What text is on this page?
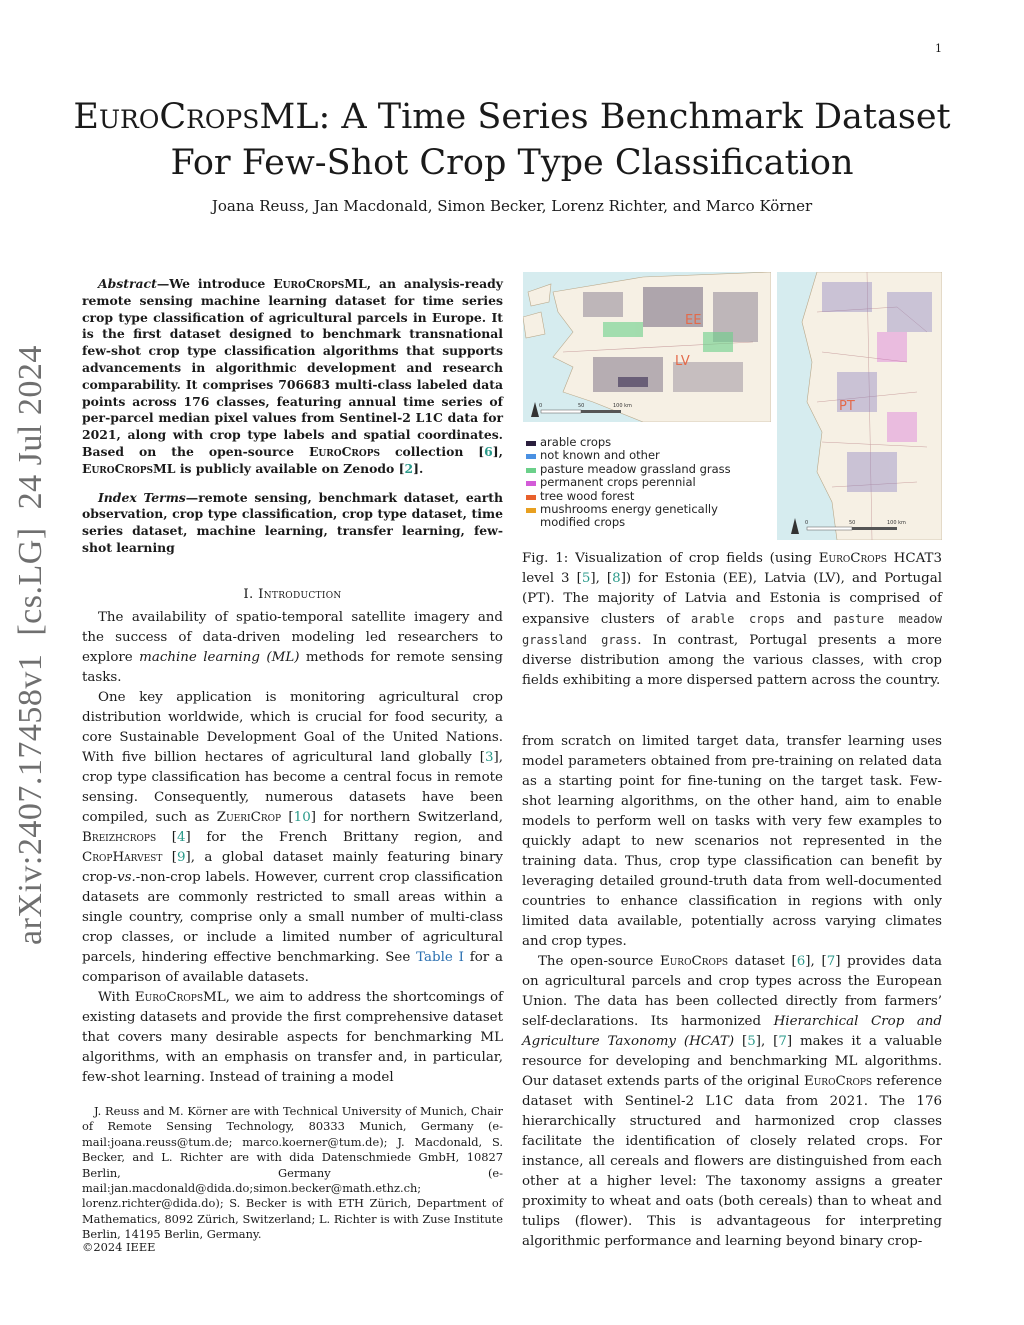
1
EuroCropsML: A Time Series Benchmark Dataset
For Few-Shot Crop Type Classification
Joana Reuss, Jan Macdonald, Simon Becker, Lorenz Richter, and Marco Körner
arXiv:2407.17458v1  [cs.LG]  24 Jul 2024

Abstract—We introduce EuroCropsML, an analysis-ready remote sensing machine learning dataset for time series crop type classification of agricultural parcels in Europe. It is the first dataset designed to benchmark transnational few-shot crop type classification algorithms that supports advancements in algorithmic development and research comparability. It comprises 706683 multi-class labeled data points across 176 classes, featuring annual time series of per-parcel median pixel values from Sentinel-2 L1C data for 2021, along with crop type labels and spatial coordinates. Based on the open-source EuroCrops collection [6], EuroCropsML is publicly available on Zenodo [2].

Index Terms—remote sensing, benchmark dataset, earth observation, crop type classification, crop type dataset, time series dataset, machine learning, transfer learning, few-shot learning

I. Introduction

The availability of spatio-temporal satellite imagery and the success of data-driven modeling led researchers to explore machine learning (ML) methods for remote sensing tasks.

One key application is monitoring agricultural crop distribution worldwide, which is crucial for food security, a core Sustainable Development Goal of the United Nations. With five billion hectares of agricultural land globally [3], crop type classification has become a central focus in remote sensing. Consequently, numerous datasets have been compiled, such as ZueriCrop [10] for northern Switzerland, Breizhcrops [4] for the French Brittany region, and CropHarvest [9], a global dataset mainly featuring binary crop-vs.-non-crop labels. However, current crop classification datasets are commonly restricted to small areas within a single country, comprise only a small number of multi-class crop classes, or include a limited number of agricultural parcels, hindering effective benchmarking. See Table I for a comparison of available datasets.

With EuroCropsML, we aim to address the shortcomings of existing datasets and provide the first comprehensive dataset that covers many desirable aspects for benchmarking ML algorithms, with an emphasis on transfer and, in particular, few-shot learning. Instead of training a model

J. Reuss and M. Körner are with Technical University of Munich, Chair of Remote Sensing Technology, 80333 Munich, Germany (e-mail:joana.reuss@tum.de; marco.koerner@tum.de); J. Macdonald, S. Becker, and L. Richter are with dida Datenschmiede GmbH, 10827 Berlin, Germany (e-mail:jan.macdonald@dida.do;simon.becker@math.ethz.ch; lorenz.richter@dida.do); S. Becker is with ETH Zürich, Department of Mathematics, 8092 Zürich, Switzerland; L. Richter is with Zuse Institute Berlin, 14195 Berlin, Germany.

©2024 IEEE
EE
LV
0	50	100 km	PT
0	50	100 km
arable crops
not known and other
pasture meadow grassland grass
permanent crops perennial
tree wood forest
mushrooms energy genetically
modified crops

Fig. 1: Visualization of crop fields (using EuroCrops HCAT3 level 3 [5], [8]) for Estonia (EE), Latvia (LV), and Portugal (PT). The majority of Latvia and Estonia is comprised of expansive clusters of arable crops and pasture meadow grassland grass. In contrast, Portugal presents a more diverse distribution among the various classes, with crop fields exhibiting a more dispersed pattern across the country.

from scratch on limited target data, transfer learning uses model parameters obtained from pre-training on related data as a starting point for fine-tuning on the target task. Few-shot learning algorithms, on the other hand, aim to enable models to perform well on tasks with very few examples to quickly adapt to new scenarios not represented in the training data. Thus, crop type classification can benefit by leveraging detailed ground-truth data from well-documented countries to enhance classification in regions with only limited data available, potentially across varying climates and crop types.

The open-source EuroCrops dataset [6], [7] provides data on agricultural parcels and crop types across the European Union. The data has been collected directly from farmers’ self-declarations. Its harmonized Hierarchical Crop and Agriculture Taxonomy (HCAT) [5], [7] makes it a valuable resource for developing and benchmarking ML algorithms. Our dataset extends parts of the original EuroCrops reference dataset with Sentinel-2 L1C data from 2021. The 176 hierarchically structured and harmonized crop classes facilitate the identification of closely related crops. For instance, all cereals and flowers are distinguished from each other at a higher level: The taxonomy assigns a greater proximity to wheat and oats (both cereals) than to wheat and tulips (flower). This is advantageous for interpreting algorithmic performance and learning beyond binary crop-
